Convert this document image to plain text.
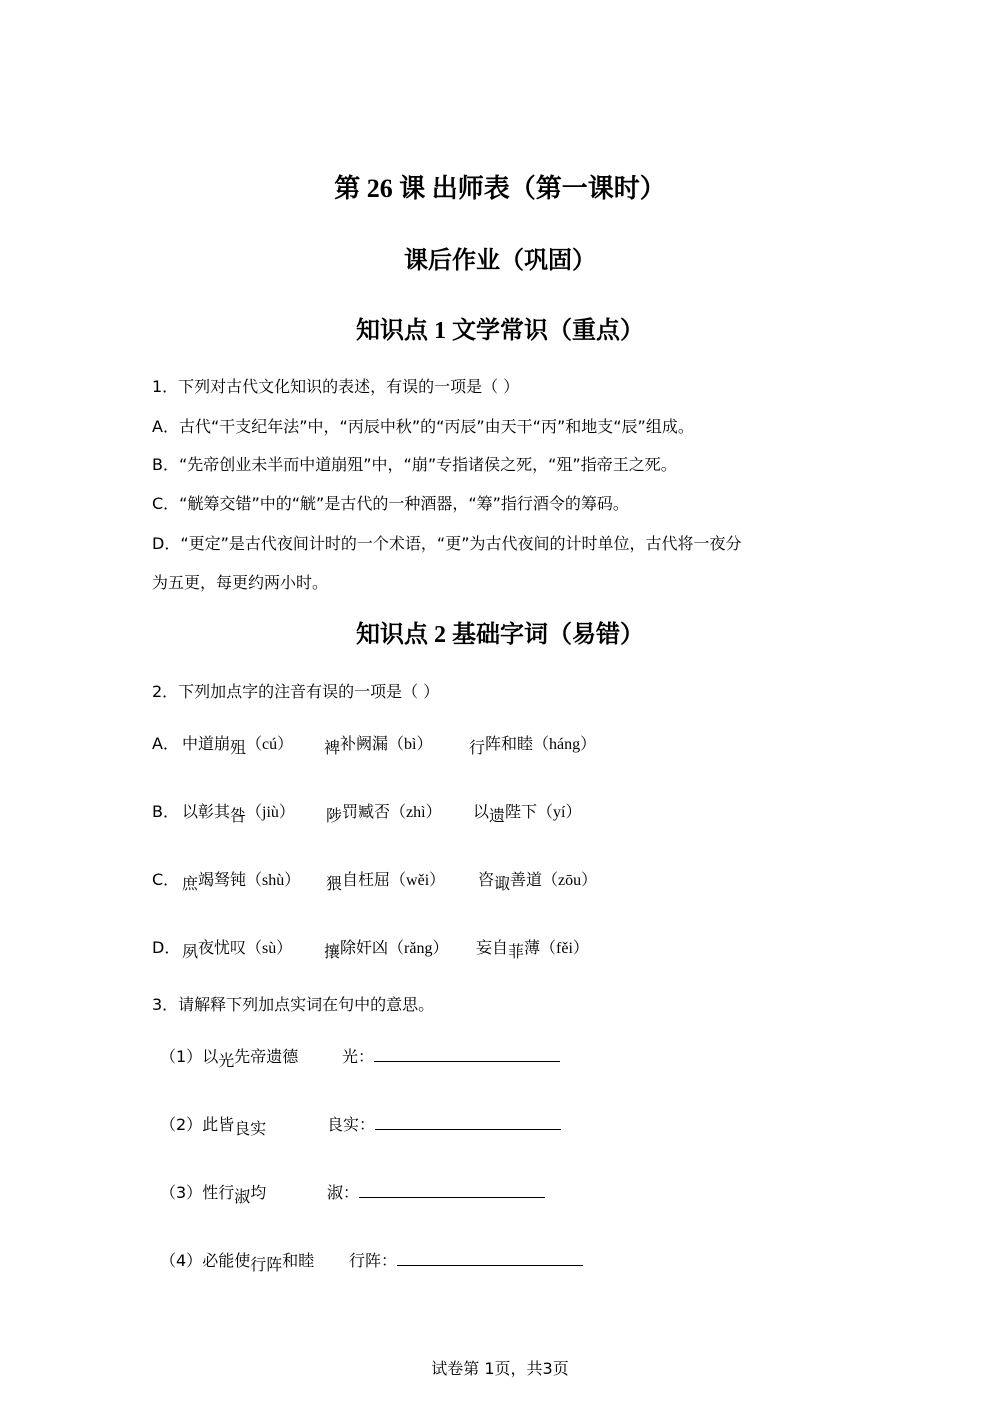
第 26 课 出师表（第一课时）
课后作业（巩固）
知识点 1 文学常识（重点）
1．下列对古代文化知识的表述，有误的一项是（ ）
A．古代“干支纪年法”中，“丙辰中秋”的“丙辰”由天干“丙”和地支“辰”组成。
B．“先帝创业未半而中道崩殂”中，“崩”专指诸侯之死，“殂”指帝王之死。
C．“觥筹交错”中的“觥”是古代的一种酒器，“筹”指行酒令的筹码。
D．“更定”是古代夜间计时的一个术语，“更”为古代夜间的计时单位，古代将一夜分
为五更，每更约两小时。
知识点 2 基础字词（易错）
2．下列加点字的注音有误的一项是（ ）
A． 中道崩殂（cú） 裨补阙漏（bì） 行阵和睦（háng）
B． 以彰其咎（jiù） 陟罚臧否（zhì） 以遗陛下（yí）
C． 庶竭驽钝（shù） 猥自枉屈（wěi） 咨诹善道（zōu）
D． 夙夜忧叹（sù） 攘除奸凶（rǎng） 妄自菲薄（fěi）
3．请解释下列加点实词在句中的意思。
（1）以光先帝遗德	光：
（2）此皆良实	良实：
（3）性行淑均	淑：
（4）必能使行阵和睦 行阵：
试卷第 1页，共3页
